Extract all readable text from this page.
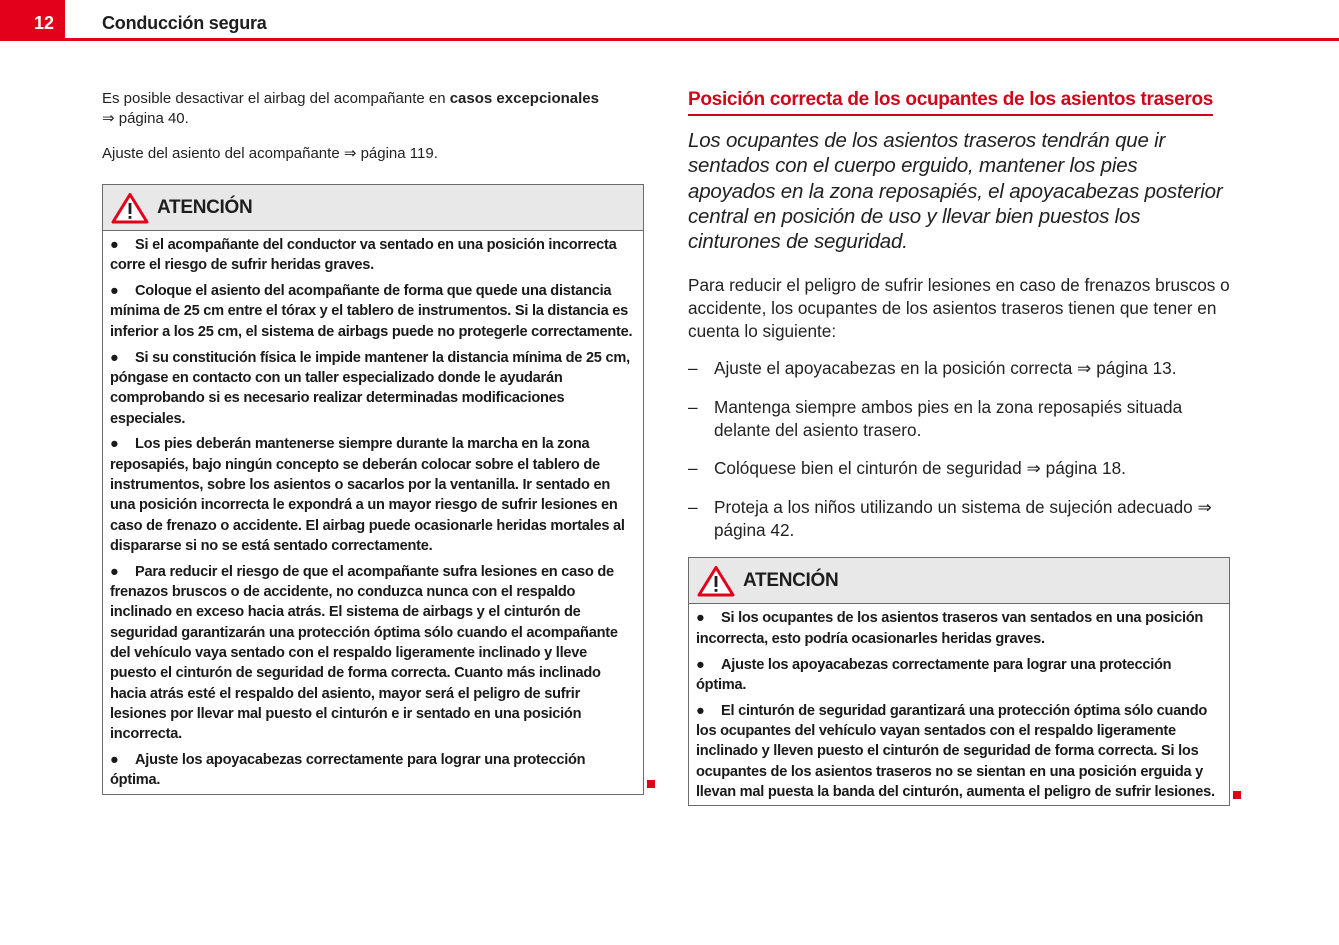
12	Conducción segura

Es posible desactivar el airbag del acompañante en casos excepcionales
⇒ página 40.

Ajuste del asiento del acompañante ⇒ página 119.

ATENCIÓN
● Si el acompañante del conductor va sentado en una posición incorrecta corre el riesgo de sufrir heridas graves.
● Coloque el asiento del acompañante de forma que quede una distancia mínima de 25 cm entre el tórax y el tablero de instrumentos. Si la distancia es inferior a los 25 cm, el sistema de airbags puede no protegerle correctamente.
● Si su constitución física le impide mantener la distancia mínima de 25 cm, póngase en contacto con un taller especializado donde le ayudarán comprobando si es necesario realizar determinadas modificaciones especiales.
● Los pies deberán mantenerse siempre durante la marcha en la zona reposapiés, bajo ningún concepto se deberán colocar sobre el tablero de instrumentos, sobre los asientos o sacarlos por la ventanilla. Ir sentado en una posición incorrecta le expondrá a un mayor riesgo de sufrir lesiones en caso de frenazo o accidente. El airbag puede ocasionarle heridas mortales al dispararse si no se está sentado correctamente.
● Para reducir el riesgo de que el acompañante sufra lesiones en caso de frenazos bruscos o de accidente, no conduzca nunca con el respaldo inclinado en exceso hacia atrás. El sistema de airbags y el cinturón de seguridad garantizarán una protección óptima sólo cuando el acompañante del vehículo vaya sentado con el respaldo ligeramente inclinado y lleve puesto el cinturón de seguridad de forma correcta. Cuanto más inclinado hacia atrás esté el respaldo del asiento, mayor será el peligro de sufrir lesiones por llevar mal puesto el cinturón e ir sentado en una posición incorrecta.
● Ajuste los apoyacabezas correctamente para lograr una protección óptima.
Posición correcta de los ocupantes de los asientos traseros

Los ocupantes de los asientos traseros tendrán que ir sentados con el cuerpo erguido, mantener los pies apoyados en la zona reposapiés, el apoyacabezas posterior central en posición de uso y llevar bien puestos los cinturones de seguridad.

Para reducir el peligro de sufrir lesiones en caso de frenazos bruscos o accidente, los ocupantes de los asientos traseros tienen que tener en cuenta lo siguiente:

– Ajuste el apoyacabezas en la posición correcta ⇒ página 13.
– Mantenga siempre ambos pies en la zona reposapiés situada delante del asiento trasero.
– Colóquese bien el cinturón de seguridad ⇒ página 18.
– Proteja a los niños utilizando un sistema de sujeción adecuado ⇒ página 42.
ATENCIÓN
● Si los ocupantes de los asientos traseros van sentados en una posición incorrecta, esto podría ocasionarles heridas graves.
● Ajuste los apoyacabezas correctamente para lograr una protección óptima.
● El cinturón de seguridad garantizará una protección óptima sólo cuando los ocupantes del vehículo vayan sentados con el respaldo ligeramente inclinado y lleven puesto el cinturón de seguridad de forma correcta. Si los ocupantes de los asientos traseros no se sientan en una posición erguida y llevan mal puesta la banda del cinturón, aumenta el peligro de sufrir lesiones.
